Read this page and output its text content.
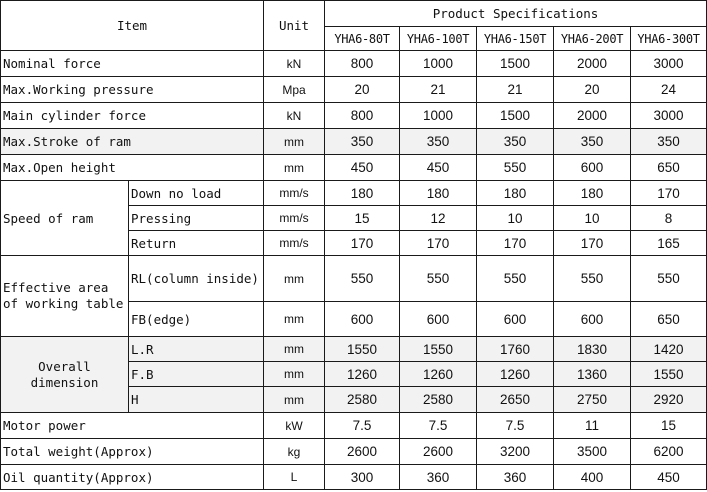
Item		Unit	Product Specifications				
			YHA6-80T	YHA6-100T	YHA6-150T	YHA6-200T	YHA6-300T
Nominal force		kN	800	1000	1500	2000	3000
Max.Working pressure		Mpa	20	21	21	20	24
Main cylinder force		kN	800	1000	1500	2000	3000
Max.Stroke of ram		mm	350	350	350	350	350
Max.Open height		mm	450	450	550	600	650
Speed of ram	Down no load	mm/s	180	180	180	180	170
	Pressing	mm/s	15	12	10	10	8
	Return	mm/s	170	170	170	170	165
Effective area of working table	RL(column inside)	mm	550	550	550	550	550
	FB(edge)	mm	600	600	600	600	650
Overall dimension	L.R	mm	1550	1550	1760	1830	1420
	F.B	mm	1260	1260	1260	1360	1550
	H	mm	2580	2580	2650	2750	2920
Motor power		kW	7.5	7.5	7.5	11	15
Total weight(Approx)		kg	2600	2600	3200	3500	6200
Oil quantity(Approx)		L	300	360	360	400	450
